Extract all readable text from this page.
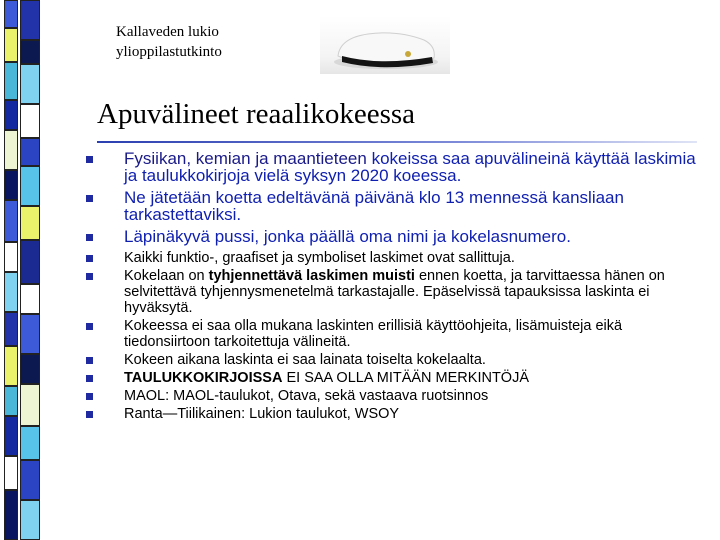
Kallaveden lukio
ylioppilastutkinto
Apuvälineet reaalikokeessa
Fysiikan, kemian ja maantieteen kokeissa saa apuvälineinä käyttää laskimia ja taulukkokirjoja vielä syksyn 2020 koeessa.
Ne jätetään koetta edeltävänä päivänä klo 13 mennessä kansliaan tarkastettaviksi.
Läpinäkyvä pussi, jonka päällä oma nimi ja kokelasnumero.
Kaikki funktio-, graafiset ja symboliset laskimet ovat sallittuja.
Kokelaan on tyhjennettävä laskimen muisti ennen koetta, ja tarvittaessa hänen on selvitettävä tyhjennysmenetelmä tarkastajalle. Epäselvissä tapauksissa laskinta ei hyväksytä.
Kokeessa ei saa olla mukana laskinten erillisiä käyttöohjeita, lisämuisteja eikä tiedonsiirtoon tarkoitettuja välineitä.
Kokeen aikana laskinta ei saa lainata toiselta kokelaalta.
TAULUKKOKIRJOISSA EI SAA OLLA MITÄÄN MERKINTÖJÄ
MAOL: MAOL-taulukot, Otava, sekä vastaava ruotsinnos
Ranta—Tiilikainen: Lukion taulukot, WSOY
